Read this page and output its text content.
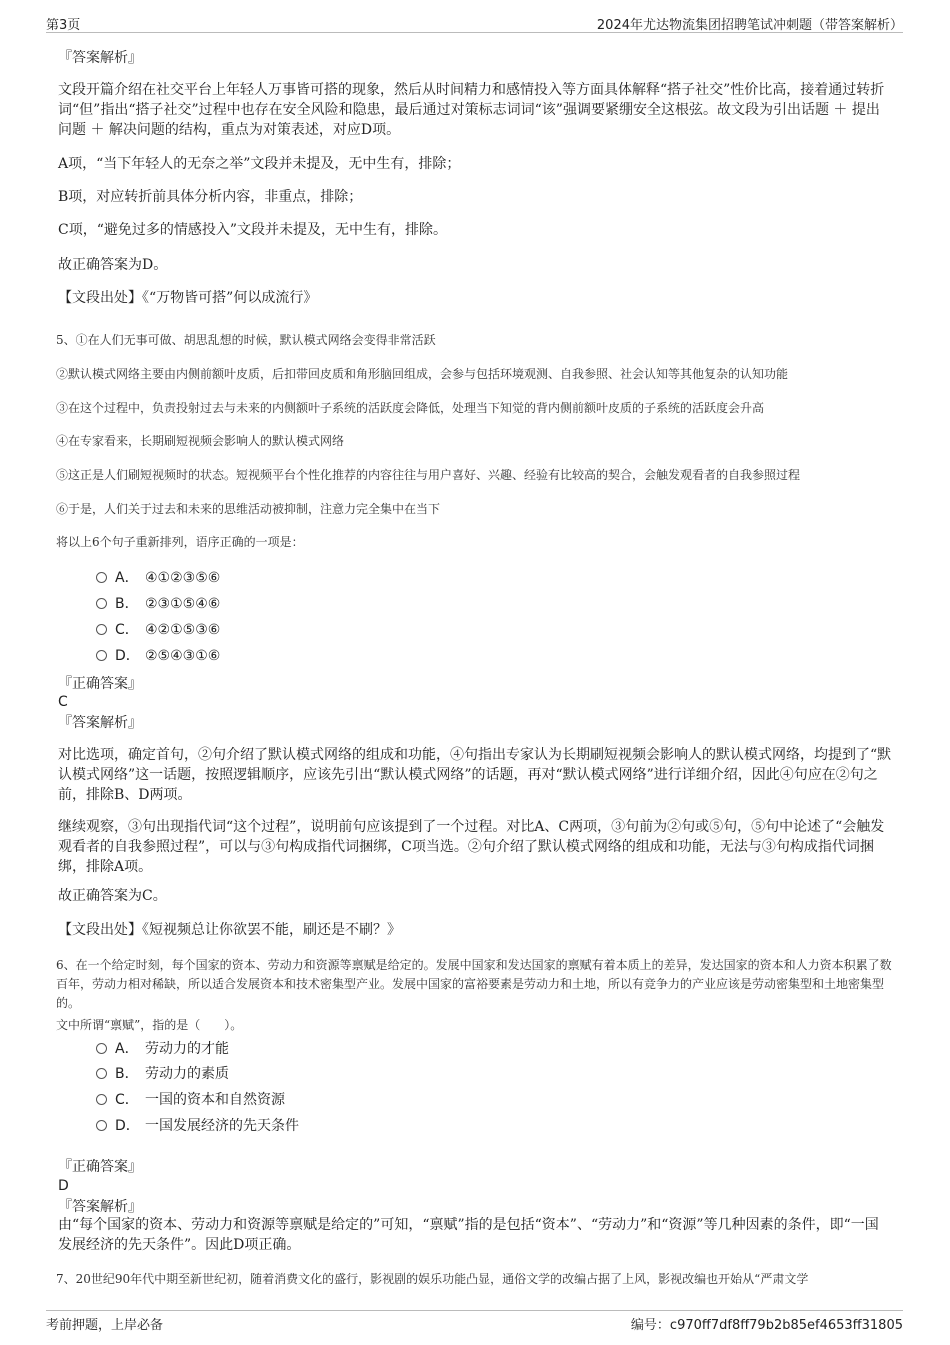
第3页	2024年尤达物流集团招聘笔试冲刺题（带答案解析）
『答案解析』
文段开篇介绍在社交平台上年轻人万事皆可搭的现象，然后从时间精力和感情投入等方面具体解释“搭子社交”性价比高，接着通过转折词“但”指出“搭子社交”过程中也存在安全风险和隐患，最后通过对策标志词词“该”强调要紧绷安全这根弦。故文段为引出话题 ＋ 提出问题 ＋ 解决问题的结构，重点为对策表述，对应D项。
A项，“当下年轻人的无奈之举”文段并未提及，无中生有，排除；
B项，对应转折前具体分析内容，非重点，排除；
C项，“避免过多的情感投入”文段并未提及，无中生有，排除。
故正确答案为D。
【文段出处】《“万物皆可搭”何以成流行》
5、①在人们无事可做、胡思乱想的时候，默认模式网络会变得非常活跃
②默认模式网络主要由内侧前额叶皮质，后扣带回皮质和角形脑回组成，会参与包括环境观测、自我参照、社会认知等其他复杂的认知功能
③在这个过程中，负责投射过去与未来的内侧额叶子系统的活跃度会降低，处理当下知觉的背内侧前额叶皮质的子系统的活跃度会升高
④在专家看来，长期刷短视频会影响人的默认模式网络
⑤这正是人们刷短视频时的状态。短视频平台个性化推荐的内容往往与用户喜好、兴趣、经验有比较高的契合，会触发观看者的自我参照过程
⑥于是，人们关于过去和未来的思维活动被抑制，注意力完全集中在当下
将以上6个句子重新排列，语序正确的一项是：
A． ④①②③⑤⑥
B． ②③①⑤④⑥
C． ④②①⑤③⑥
D． ②⑤④③①⑥
『正确答案』
C
『答案解析』
对比选项，确定首句，②句介绍了默认模式网络的组成和功能，④句指出专家认为长期刷短视频会影响人的默认模式网络，均提到了“默认模式网络”这一话题，按照逻辑顺序，应该先引出“默认模式网络”的话题，再对“默认模式网络”进行详细介绍，因此④句应在②句之前，排除B、D两项。
继续观察，③句出现指代词“这个过程”，说明前句应该提到了一个过程。对比A、C两项，③句前为②句或⑤句，⑤句中论述了“会触发观看者的自我参照过程”，可以与③句构成指代词捆绑，C项当选。②句介绍了默认模式网络的组成和功能，无法与③句构成指代词捆绑，排除A项。
故正确答案为C。
【文段出处】《短视频总让你欲罢不能，刷还是不刷？》
6、在一个给定时刻，每个国家的资本、劳动力和资源等禀赋是给定的。发展中国家和发达国家的禀赋有着本质上的差异，发达国家的资本和人力资本积累了数百年，劳动力相对稀缺，所以适合发展资本和技术密集型产业。发展中国家的富裕要素是劳动力和土地，所以有竞争力的产业应该是劳动密集型和土地密集型的。
文中所谓“禀赋”，指的是（　　）。
A． 劳动力的才能
B． 劳动力的素质
C． 一国的资本和自然资源
D． 一国发展经济的先天条件
『正确答案』
D
『答案解析』
由“每个国家的资本、劳动力和资源等禀赋是给定的”可知，“禀赋”指的是包括“资本”、“劳动力”和“资源”等几种因素的条件，即“一国发展经济的先天条件”。因此D项正确。
7、20世纪90年代中期至新世纪初，随着消费文化的盛行，影视剧的娱乐功能凸显，通俗文学的改编占据了上风，影视改编也开始从“严肃文学
考前押题，上岸必备	编号：c970ff7df8ff79b2b85ef4653ff31805
